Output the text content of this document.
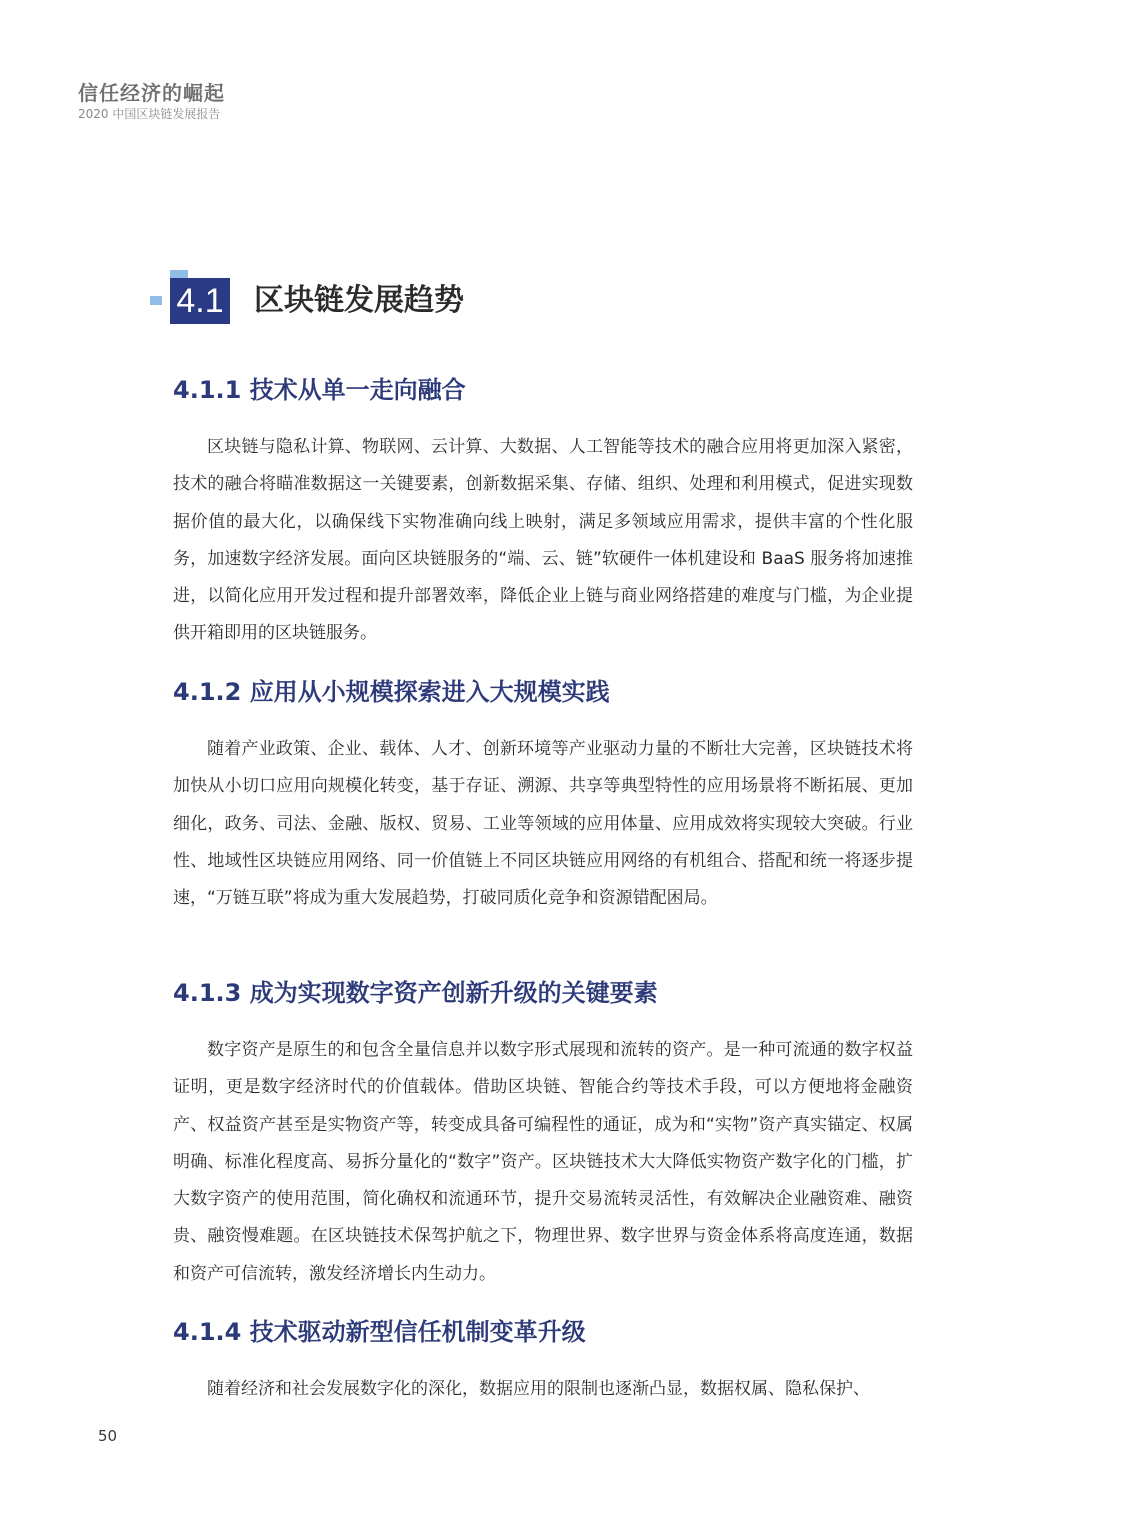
信任经济的崛起
2020 中国区块链发展报告
4.1 区块链发展趋势
4.1.1 技术从单一走向融合

区块链与隐私计算、物联网、云计算、大数据、人工智能等技术的融合应用将更加深入紧密，技术的融合将瞄准数据这一关键要素，创新数据采集、存储、组织、处理和利用模式，促进实现数据价值的最大化，以确保线下实物准确向线上映射，满足多领域应用需求，提供丰富的个性化服务，加速数字经济发展。面向区块链服务的“端、云、链”软硬件一体机建设和 BaaS 服务将加速推进，以简化应用开发过程和提升部署效率，降低企业上链与商业网络搭建的难度与门槛，为企业提供开箱即用的区块链服务。

4.1.2 应用从小规模探索进入大规模实践

随着产业政策、企业、载体、人才、创新环境等产业驱动力量的不断壮大完善，区块链技术将加快从小切口应用向规模化转变，基于存证、溯源、共享等典型特性的应用场景将不断拓展、更加细化，政务、司法、金融、版权、贸易、工业等领域的应用体量、应用成效将实现较大突破。行业性、地域性区块链应用网络、同一价值链上不同区块链应用网络的有机组合、搭配和统一将逐步提速，“万链互联”将成为重大发展趋势，打破同质化竞争和资源错配困局。

4.1.3 成为实现数字资产创新升级的关键要素

数字资产是原生的和包含全量信息并以数字形式展现和流转的资产。是一种可流通的数字权益证明，更是数字经济时代的价值载体。借助区块链、智能合约等技术手段，可以方便地将金融资产、权益资产甚至是实物资产等，转变成具备可编程性的通证，成为和“实物”资产真实锚定、权属明确、标准化程度高、易拆分量化的“数字”资产。区块链技术大大降低实物资产数字化的门槛，扩大数字资产的使用范围，简化确权和流通环节，提升交易流转灵活性，有效解决企业融资难、融资贵、融资慢难题。在区块链技术保驾护航之下，物理世界、数字世界与资金体系将高度连通，数据和资产可信流转，激发经济增长内生动力。

4.1.4 技术驱动新型信任机制变革升级

随着经济和社会发展数字化的深化，数据应用的限制也逐渐凸显，数据权属、隐私保护、

50
